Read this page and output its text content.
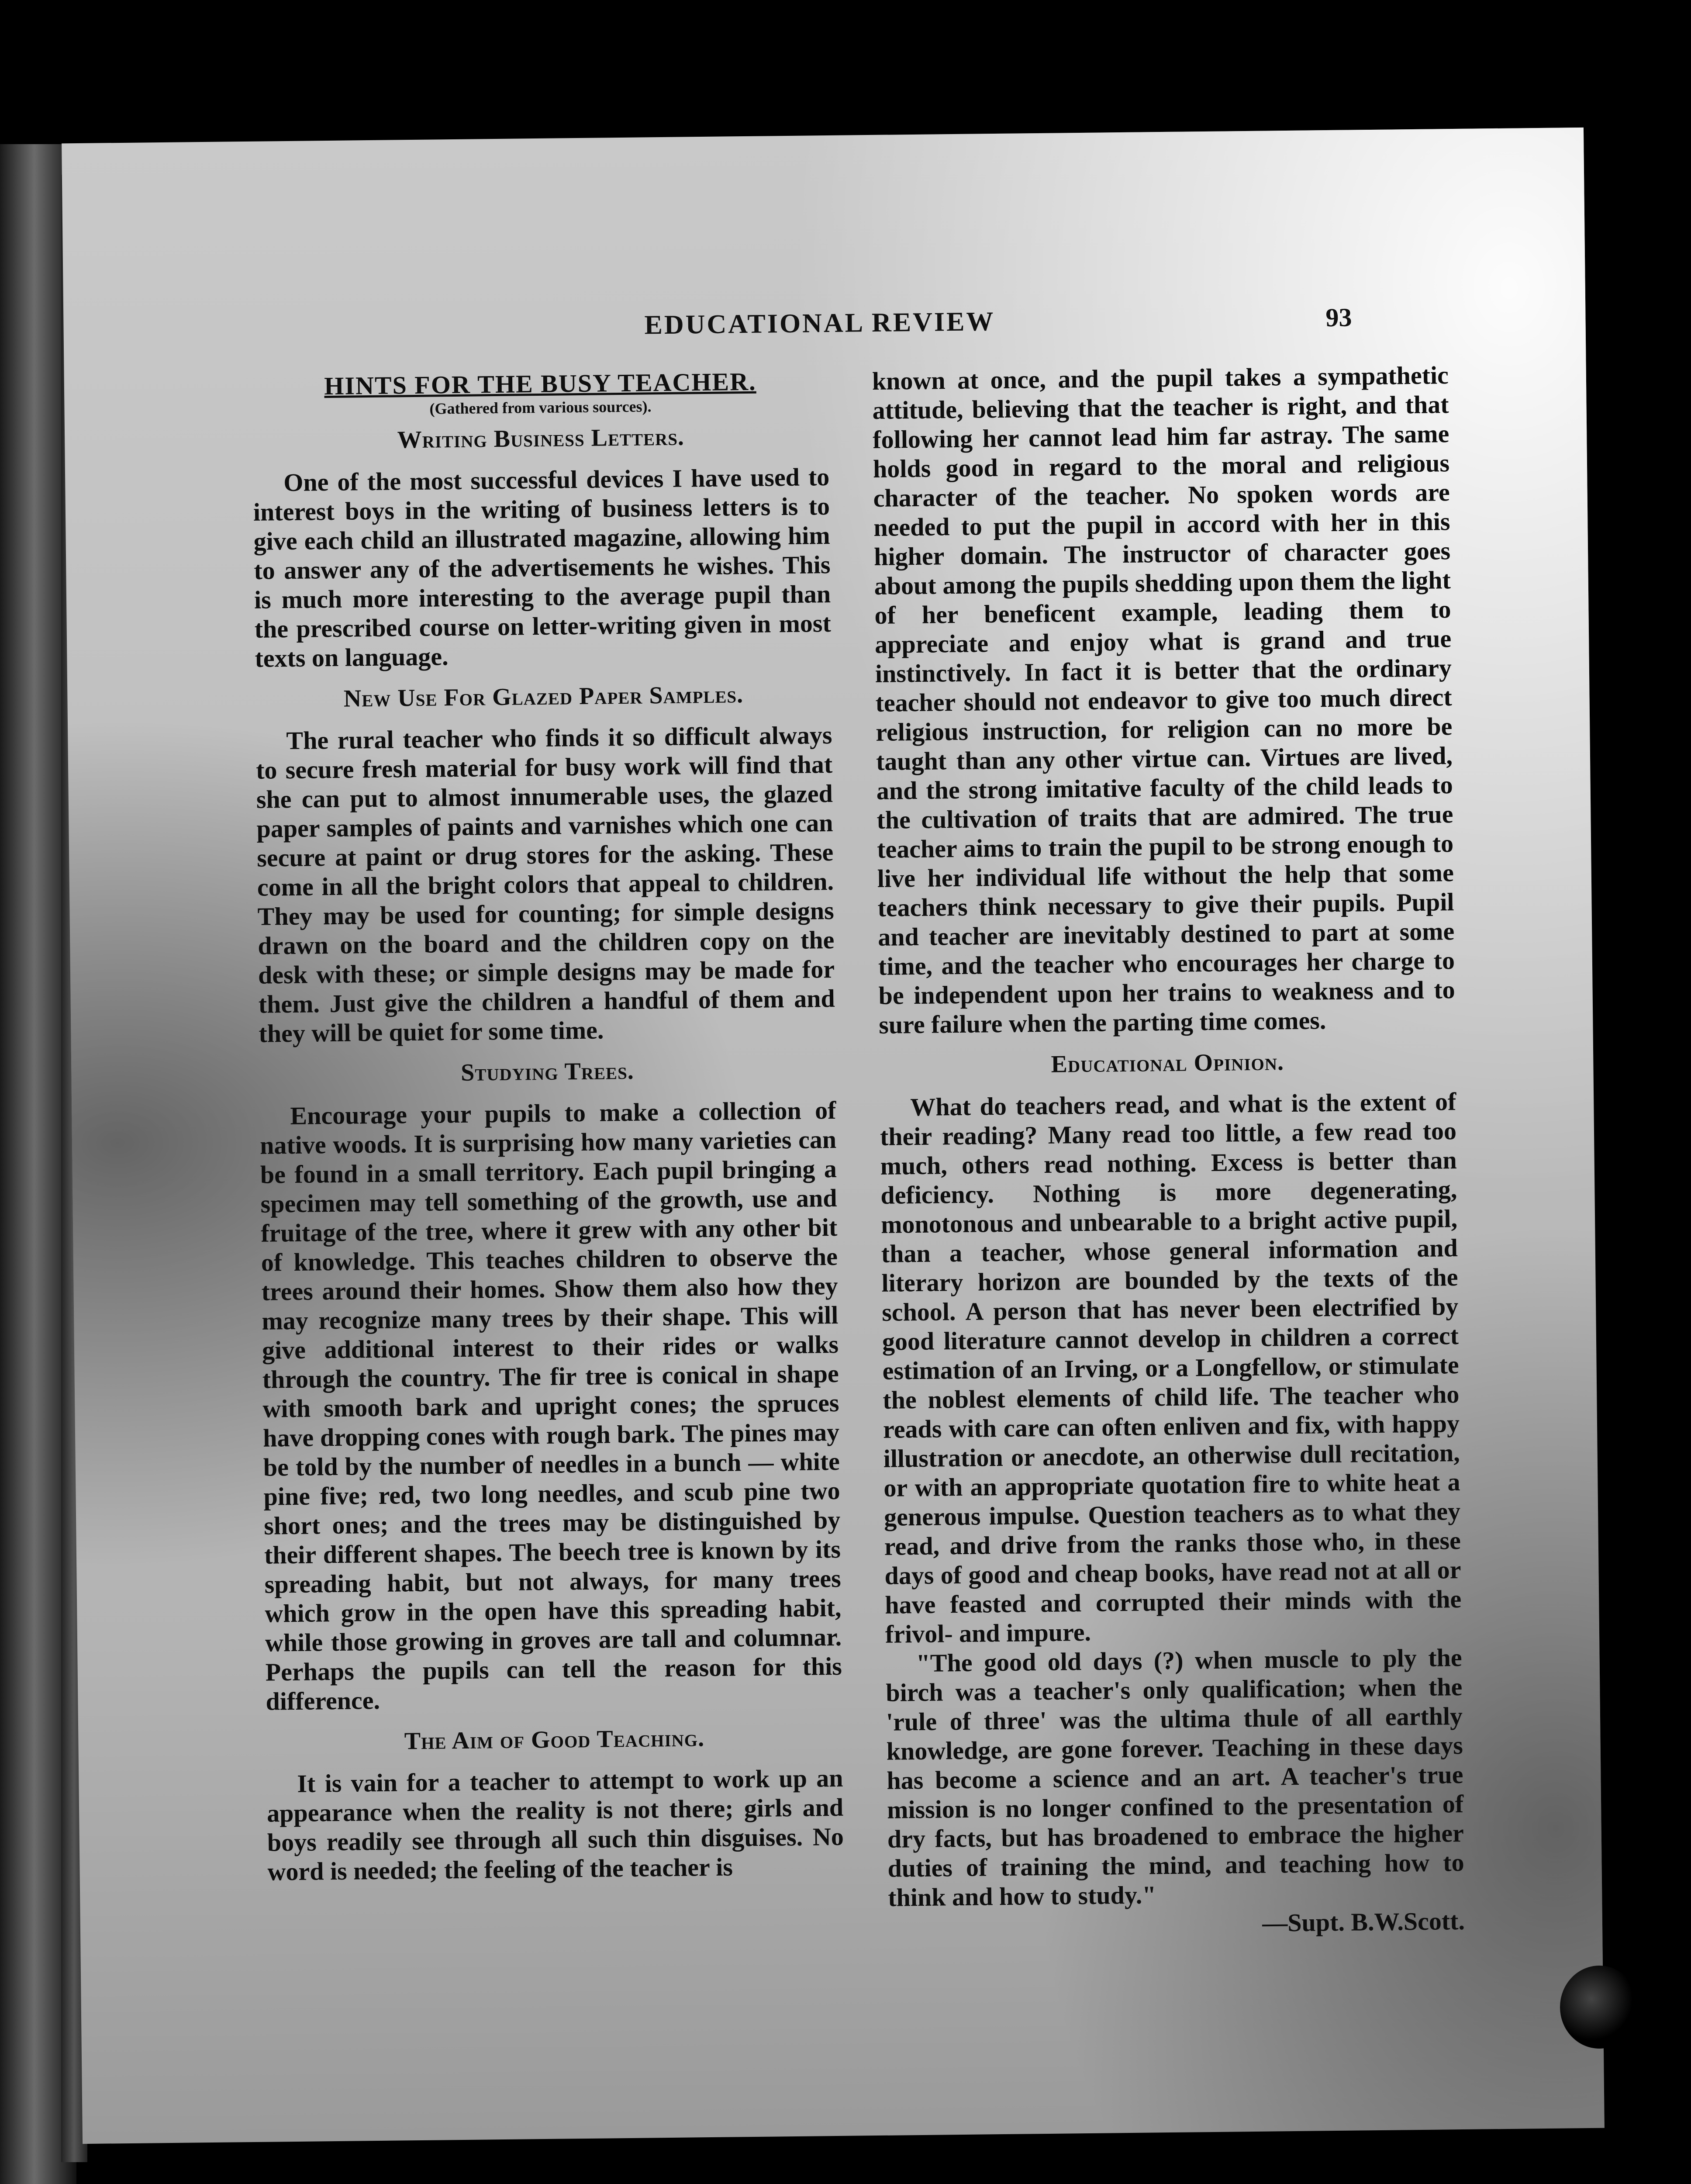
EDUCATIONAL REVIEW	93
HINTS FOR THE BUSY TEACHER.
(Gathered from various sources).
Writing Business Letters.

One of the most successful devices I have used to interest boys in the writing of business letters is to give each child an illustrated magazine, allowing him to answer any of the advertisements he wishes. This is much more interesting to the average pupil than the prescribed course on letter-writing given in most texts on language.

New Use For Glazed Paper Samples.

The rural teacher who finds it so difficult always to secure fresh material for busy work will find that she can put to almost innumerable uses, the glazed paper samples of paints and varnishes which one can secure at paint or drug stores for the asking. These come in all the bright colors that appeal to children. They may be used for counting; for simple designs drawn on the board and the children copy on the desk with these; or simple designs may be made for them. Just give the children a handful of them and they will be quiet for some time.

Studying Trees.

Encourage your pupils to make a collection of native woods. It is surprising how many varieties can be found in a small territory. Each pupil bringing a specimen may tell something of the growth, use and fruitage of the tree, where it grew with any other bit of knowledge. This teaches children to observe the trees around their homes. Show them also how they may recognize many trees by their shape. This will give additional interest to their rides or walks through the country. The fir tree is conical in shape with smooth bark and upright cones; the spruces have dropping cones with rough bark. The pines may be told by the number of needles in a bunch — white pine five; red, two long needles, and scub pine two short ones; and the trees may be distinguished by their different shapes. The beech tree is known by its spreading habit, but not always, for many trees which grow in the open have this spreading habit, while those growing in groves are tall and columnar. Perhaps the pupils can tell the reason for this difference.

The Aim of Good Teaching.

It is vain for a teacher to attempt to work up an appearance when the reality is not there; girls and boys readily see through all such thin disguises. No word is needed; the feeling of the teacher is

known at once, and the pupil takes a sympathetic attitude, believing that the teacher is right, and that following her cannot lead him far astray. The same holds good in regard to the moral and religious character of the teacher. No spoken words are needed to put the pupil in accord with her in this higher domain. The instructor of character goes about among the pupils shedding upon them the light of her beneficent example, leading them to appreciate and enjoy what is grand and true instinctively. In fact it is better that the ordinary teacher should not endeavor to give too much direct religious instruction, for religion can no more be taught than any other virtue can. Virtues are lived, and the strong imitative faculty of the child leads to the cultivation of traits that are admired. The true teacher aims to train the pupil to be strong enough to live her individual life without the help that some teachers think necessary to give their pupils. Pupil and teacher are inevitably destined to part at some time, and the teacher who encourages her charge to be independent upon her trains to weakness and to sure failure when the parting time comes.

Educational Opinion.

What do teachers read, and what is the extent of their reading? Many read too little, a few read too much, others read nothing. Excess is better than deficiency. Nothing is more degenerating, monotonous and unbearable to a bright active pupil, than a teacher, whose general information and literary horizon are bounded by the texts of the school. A person that has never been electrified by good literature cannot develop in children a correct estimation of an Irving, or a Longfellow, or stimulate the noblest elements of child life. The teacher who reads with care can often enliven and fix, with happy illustration or anecdote, an otherwise dull recitation, or with an appropriate quotation fire to white heat a generous impulse. Question teachers as to what they read, and drive from the ranks those who, in these days of good and cheap books, have read not at all or have feasted and corrupted their minds with the frivol- and impure.

"The good old days (?) when muscle to ply the birch was a teacher's only qualification; when the 'rule of three' was the ultima thule of all earthly knowledge, are gone forever. Teaching in these days has become a science and an art. A teacher's true mission is no longer confined to the presentation of dry facts, but has broadened to embrace the higher duties of training the mind, and teaching how to think and how to study."

—Supt. B.W.Scott.
